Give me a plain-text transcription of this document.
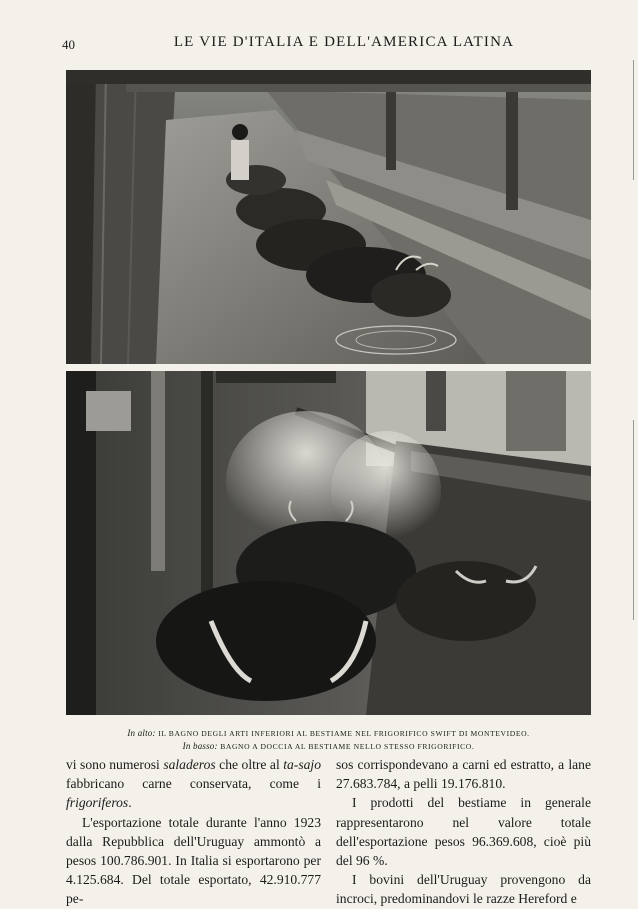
40	LE VIE D'ITALIA E DELL'AMERICA LATINA
In alto: IL BAGNO DEGLI ARTI INFERIORI AL BESTIAME NEL FRIGORIFICO SWIFT DI MONTEVIDEO.
In basso: BAGNO A DOCCIA AL BESTIAME NELLO STESSO FRIGORIFICO.

vi sono numerosi saladeros che oltre al ta-sajo fabbricano carne conservata, come i frigoriferos.

L'esportazione totale durante l'anno 1923 dalla Repubblica dell'Uruguay ammontò a pesos 100.786.901. In Italia si esportarono per 4.125.684. Del totale esportato, 42.910.777 pe-

sos corrispondevano a carni ed estratto, a lane 27.683.784, a pelli 19.176.810.

I prodotti del bestiame in generale rappresentarono nel valore totale dell'esportazione pesos 96.369.608, cioè più del 96 %.

I bovini dell'Uruguay provengono da incroci, predominandovi le razze Hereford e
